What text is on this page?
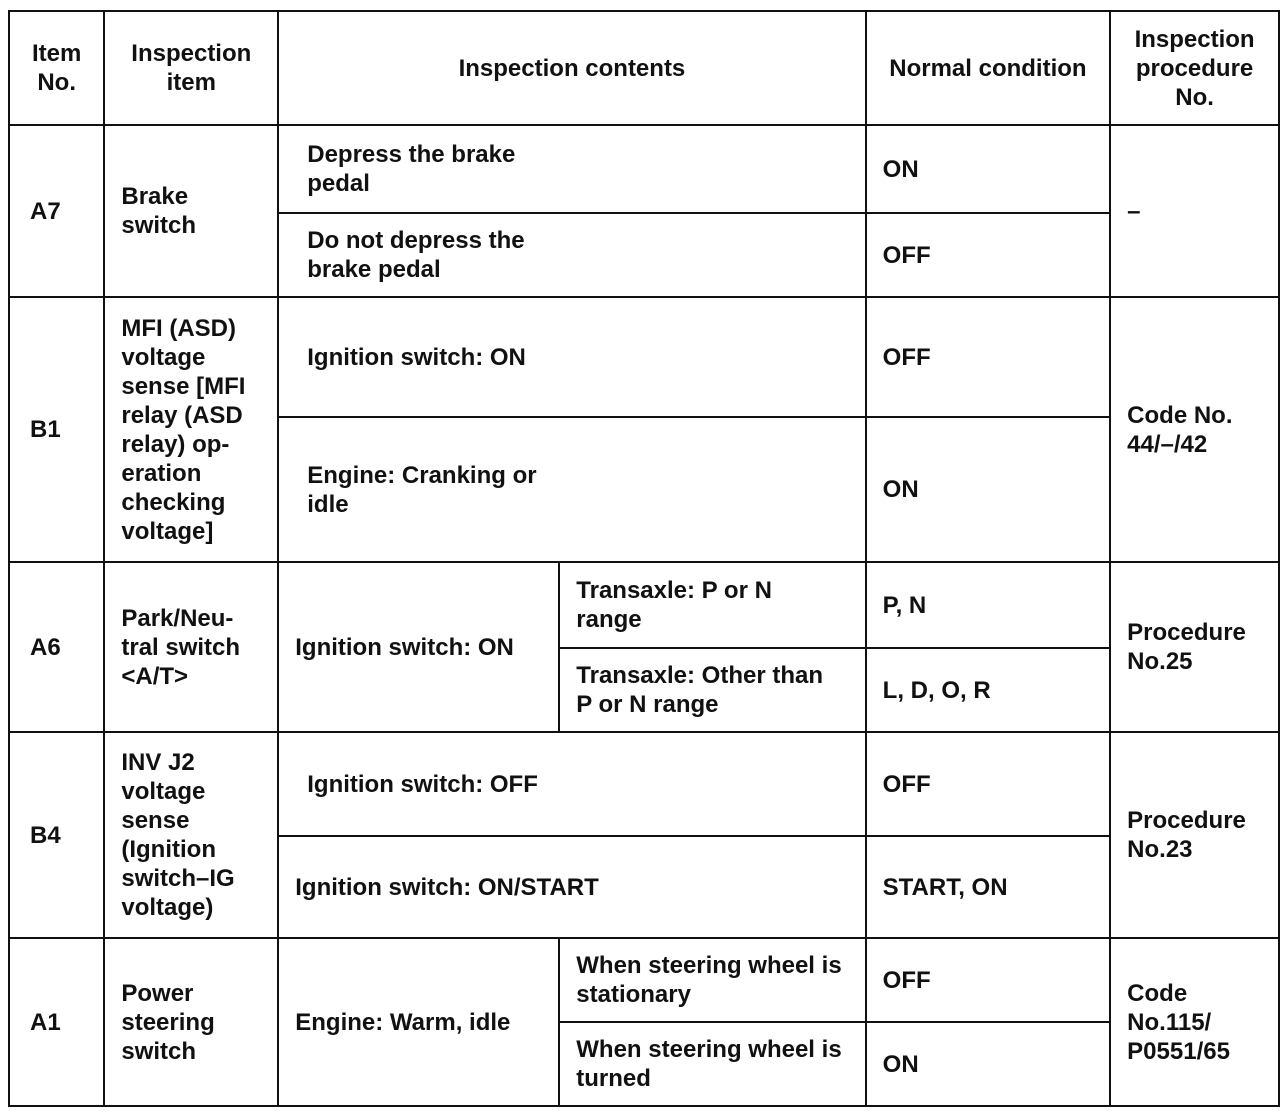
Item No.	Inspection item	Inspection contents		Normal condition	Inspection procedure No.
A7	Brake switch	Depress the brake pedal		ON	–
		Do not depress the brake pedal		OFF	
B1	MFI (ASD) voltage sense [MFI relay (ASD relay) op-eration checking voltage]	Ignition switch: ON		OFF	Code No. 44/–/42
		Engine: Cranking or idle		ON	
A6	Park/Neu-tral switch <A/T>	Ignition switch: ON	Transaxle: P or N range	P, N	Procedure No.25
			Transaxle: Other than P or N range	L, D, O, R	
B4	INV J2 voltage sense (Ignition switch–IG voltage)	Ignition switch: OFF		OFF	Procedure No.23
		Ignition switch: ON/START		START, ON	
A1	Power steering switch	Engine: Warm, idle	When steering wheel is stationary	OFF	Code No.115/ P0551/65
			When steering wheel is turned	ON	
